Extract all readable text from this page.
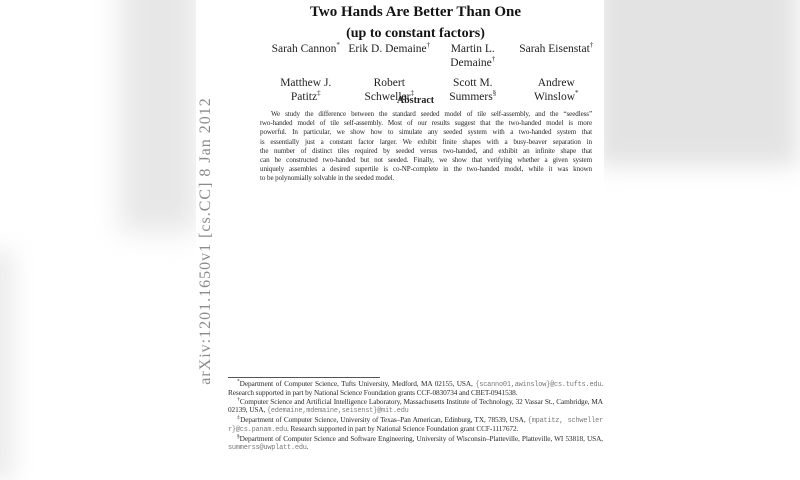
arXiv:1201.1650v1 [cs.CC] 8 Jan 2012
Two Hands Are Better Than One
(up to constant factors)
Sarah Cannon* Erik D. Demaine†	Martin L. Demaine†
Sarah Eisenstat†
Matthew J. Patitz‡
Robert Schweller‡
Scott M. Summers§
Andrew Winslow*
Abstract
We study the difference between the standard seeded model of tile self-assembly, and the “seedless”
two-handed model of tile self-assembly. Most of our results suggest that the two-handed model is more
powerful. In particular, we show how to simulate any seeded system with a two-handed system that
is essentially just a constant factor larger. We exhibit finite shapes with a busy-beaver separation in
the number of distinct tiles required by seeded versus two-handed, and exhibit an infinite shape that
can be constructed two-handed but not seeded. Finally, we show that verifying whether a given system
uniquely assembles a desired supertile is co-NP-complete in the two-handed model, while it was known
to be polynomially solvable in the seeded model.
*Department of Computer Science, Tufts University, Medford, MA 02155, USA, {scanno01,awinslow}@cs.tufts.edu. Research supported in part by National Science Foundation grants CCF-0830734 and CBET-0941538.
†Computer Science and Artificial Intelligence Laboratory, Massachusetts Institute of Technology, 32 Vassar St., Cambridge, MA 02139, USA, {edemaine,mdemaine,seisenst}@mit.edu
‡Department of Computer Science, University of Texas–Pan American, Edinburg, TX, 78539, USA, {mpatitz, schwellerr}@cs.panam.edu. Research supported in part by National Science Foundation grant CCF-1117672.
§Department of Computer Science and Software Engineering, University of Wisconsin–Platteville, Platteville, WI 53818, USA, summerss@uwplatt.edu.
